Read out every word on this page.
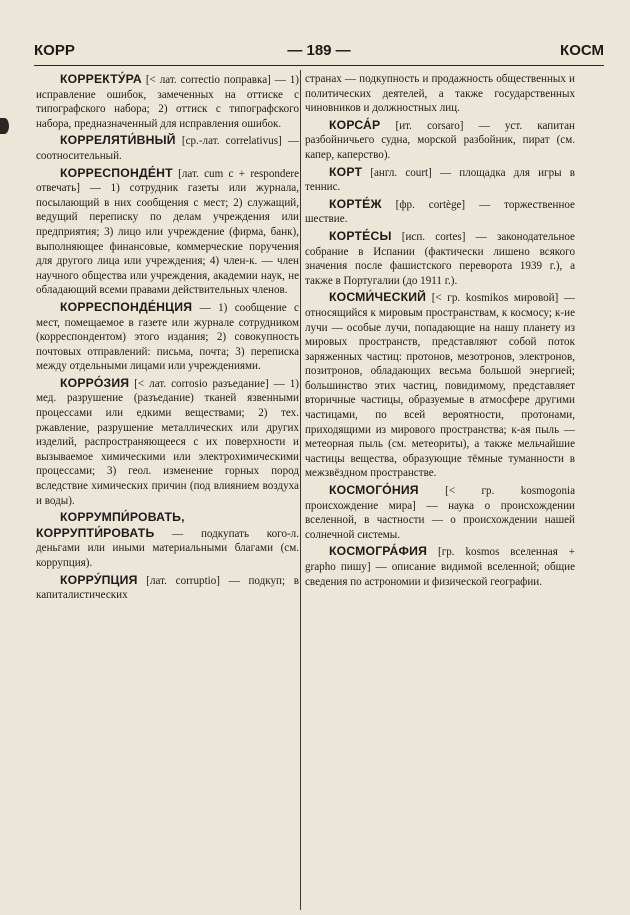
КОРР	— 189 —	КОСМ

КОРРЕКТУ́РА [< лат. correctio поправка] — 1) исправление ошибок, замеченных на оттиске с типографского набора; 2) оттиск с типографского набора, предназначенный для исправления ошибок.

КОРРЕЛЯТИ́ВНЫЙ [ср.-лат. correlativus] — соотносительный.

КОРРЕСПОНДЕ́НТ [лат. cum с + respondere отвечать] — 1) сотрудник газеты или журнала, посылающий в них сообщения с мест; 2) служащий, ведущий переписку по делам учреждения или предприятия; 3) лицо или учреждение (фирма, банк), выполняющее финансовые, коммерческие поручения для другого лица или учреждения; 4) член-к. — член научного общества или учреждения, академии наук, не обладающий всеми правами действительных членов.

КОРРЕСПОНДЕ́НЦИЯ — 1) сообщение с мест, помещаемое в газете или журнале сотрудником (корреспондентом) этого издания; 2) совокупность почтовых отправлений: письма, почта; 3) переписка между отдельными лицами или учреждениями.

КОРРО́ЗИЯ [< лат. corrosio разъедание] — 1) мед. разрушение (разъедание) тканей язвенными процессами или едкими веществами; 2) тех. ржавление, разрушение металлических или других изделий, распространяющееся с их поверхности и вызываемое химическими или электрохимическими процессами; 3) геол. изменение горных пород вследствие химических причин (под влиянием воздуха и воды).

КОРРУМПИ́РОВАТЬ, КОРРУПТИ́РОВАТЬ — подкупать кого-л. деньгами или иными материальными благами (см. коррупция).

КОРРУ́ПЦИЯ [лат. corruptio] — подкуп; в капиталистических

странах — подкупность и продажность общественных и политических деятелей, а также государственных чиновников и должностных лиц.

КОРСА́Р [ит. corsaro] — уст. капитан разбойничьего судна, морской разбойник, пират (см. капер, каперство).

КОРТ [англ. court] — площадка для игры в теннис.

КОРТЕ́Ж [фр. cortège] — торжественное шествие.

КОРТЕ́СЫ [исп. cortes] — законодательное собрание в Испании (фактически лишено всякого значения после фашистского переворота 1939 г.), а также в Португалии (до 1911 г.).

КОСМИ́ЧЕСКИЙ [< гр. kosmikos мировой] — относящийся к мировым пространствам, к космосу; к-ие лучи — особые лучи, попадающие на нашу планету из мировых пространств, представляют собой поток заряженных частиц: протонов, мезотронов, электронов, позитронов, обладающих весьма большой энергией; большинство этих частиц, повидимому, представляет вторичные частицы, образуемые в атмосфере другими частицами, по всей вероятности, протонами, приходящими из мирового пространства; к-ая пыль — метеорная пыль (см. метеориты), а также мельчайшие частицы вещества, образующие тёмные туманности в межзвёздном пространстве.

КОСМОГО́НИЯ [< гр. kosmogonia происхождение мира] — наука о происхождении вселенной, в частности — о происхождении нашей солнечной системы.

КОСМОГРА́ФИЯ [гр. kosmos вселенная + graphо пишу] — описание видимой вселенной; общие сведения по астрономии и физической географии.
